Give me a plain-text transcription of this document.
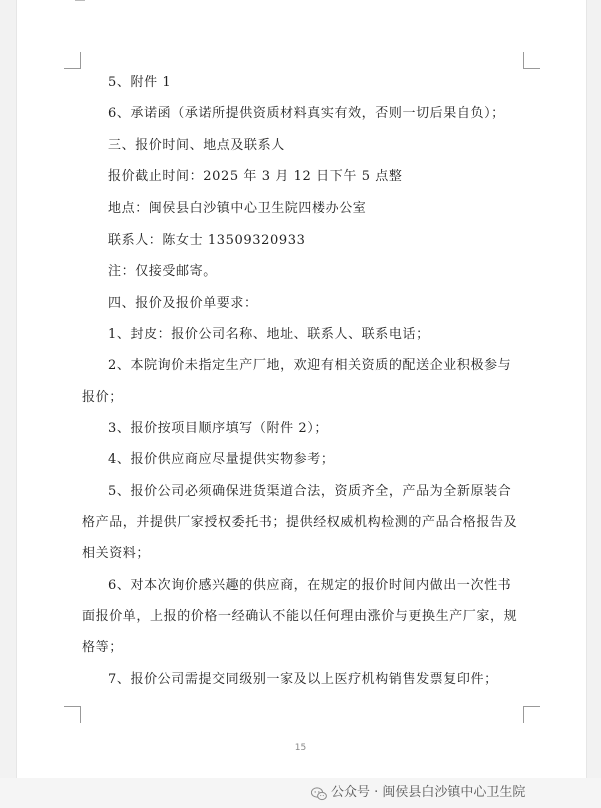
5、附件 1
6、承诺函（承诺所提供资质材料真实有效，否则一切后果自负）；
三、报价时间、地点及联系人
报价截止时间：2025 年 3 月 12 日下午 5 点整
地点：闽侯县白沙镇中心卫生院四楼办公室
联系人：陈女士 13509320933
注：仅接受邮寄。
四、报价及报价单要求：
1、封皮：报价公司名称、地址、联系人、联系电话；
2、本院询价未指定生产厂地，欢迎有相关资质的配送企业积极参与
报价；
3、报价按项目顺序填写（附件 2）；
4、报价供应商应尽量提供实物参考；
5、报价公司必须确保进货渠道合法，资质齐全，产品为全新原装合
格产品，并提供厂家授权委托书；提供经权威机构检测的产品合格报告及
相关资料；
6、对本次询价感兴趣的供应商，在规定的报价时间内做出一次性书
面报价单，上报的价格一经确认不能以任何理由涨价与更换生产厂家，规
格等；
7、报价公司需提交同级别一家及以上医疗机构销售发票复印件；
15
公众号 · 闽侯县白沙镇中心卫生院
